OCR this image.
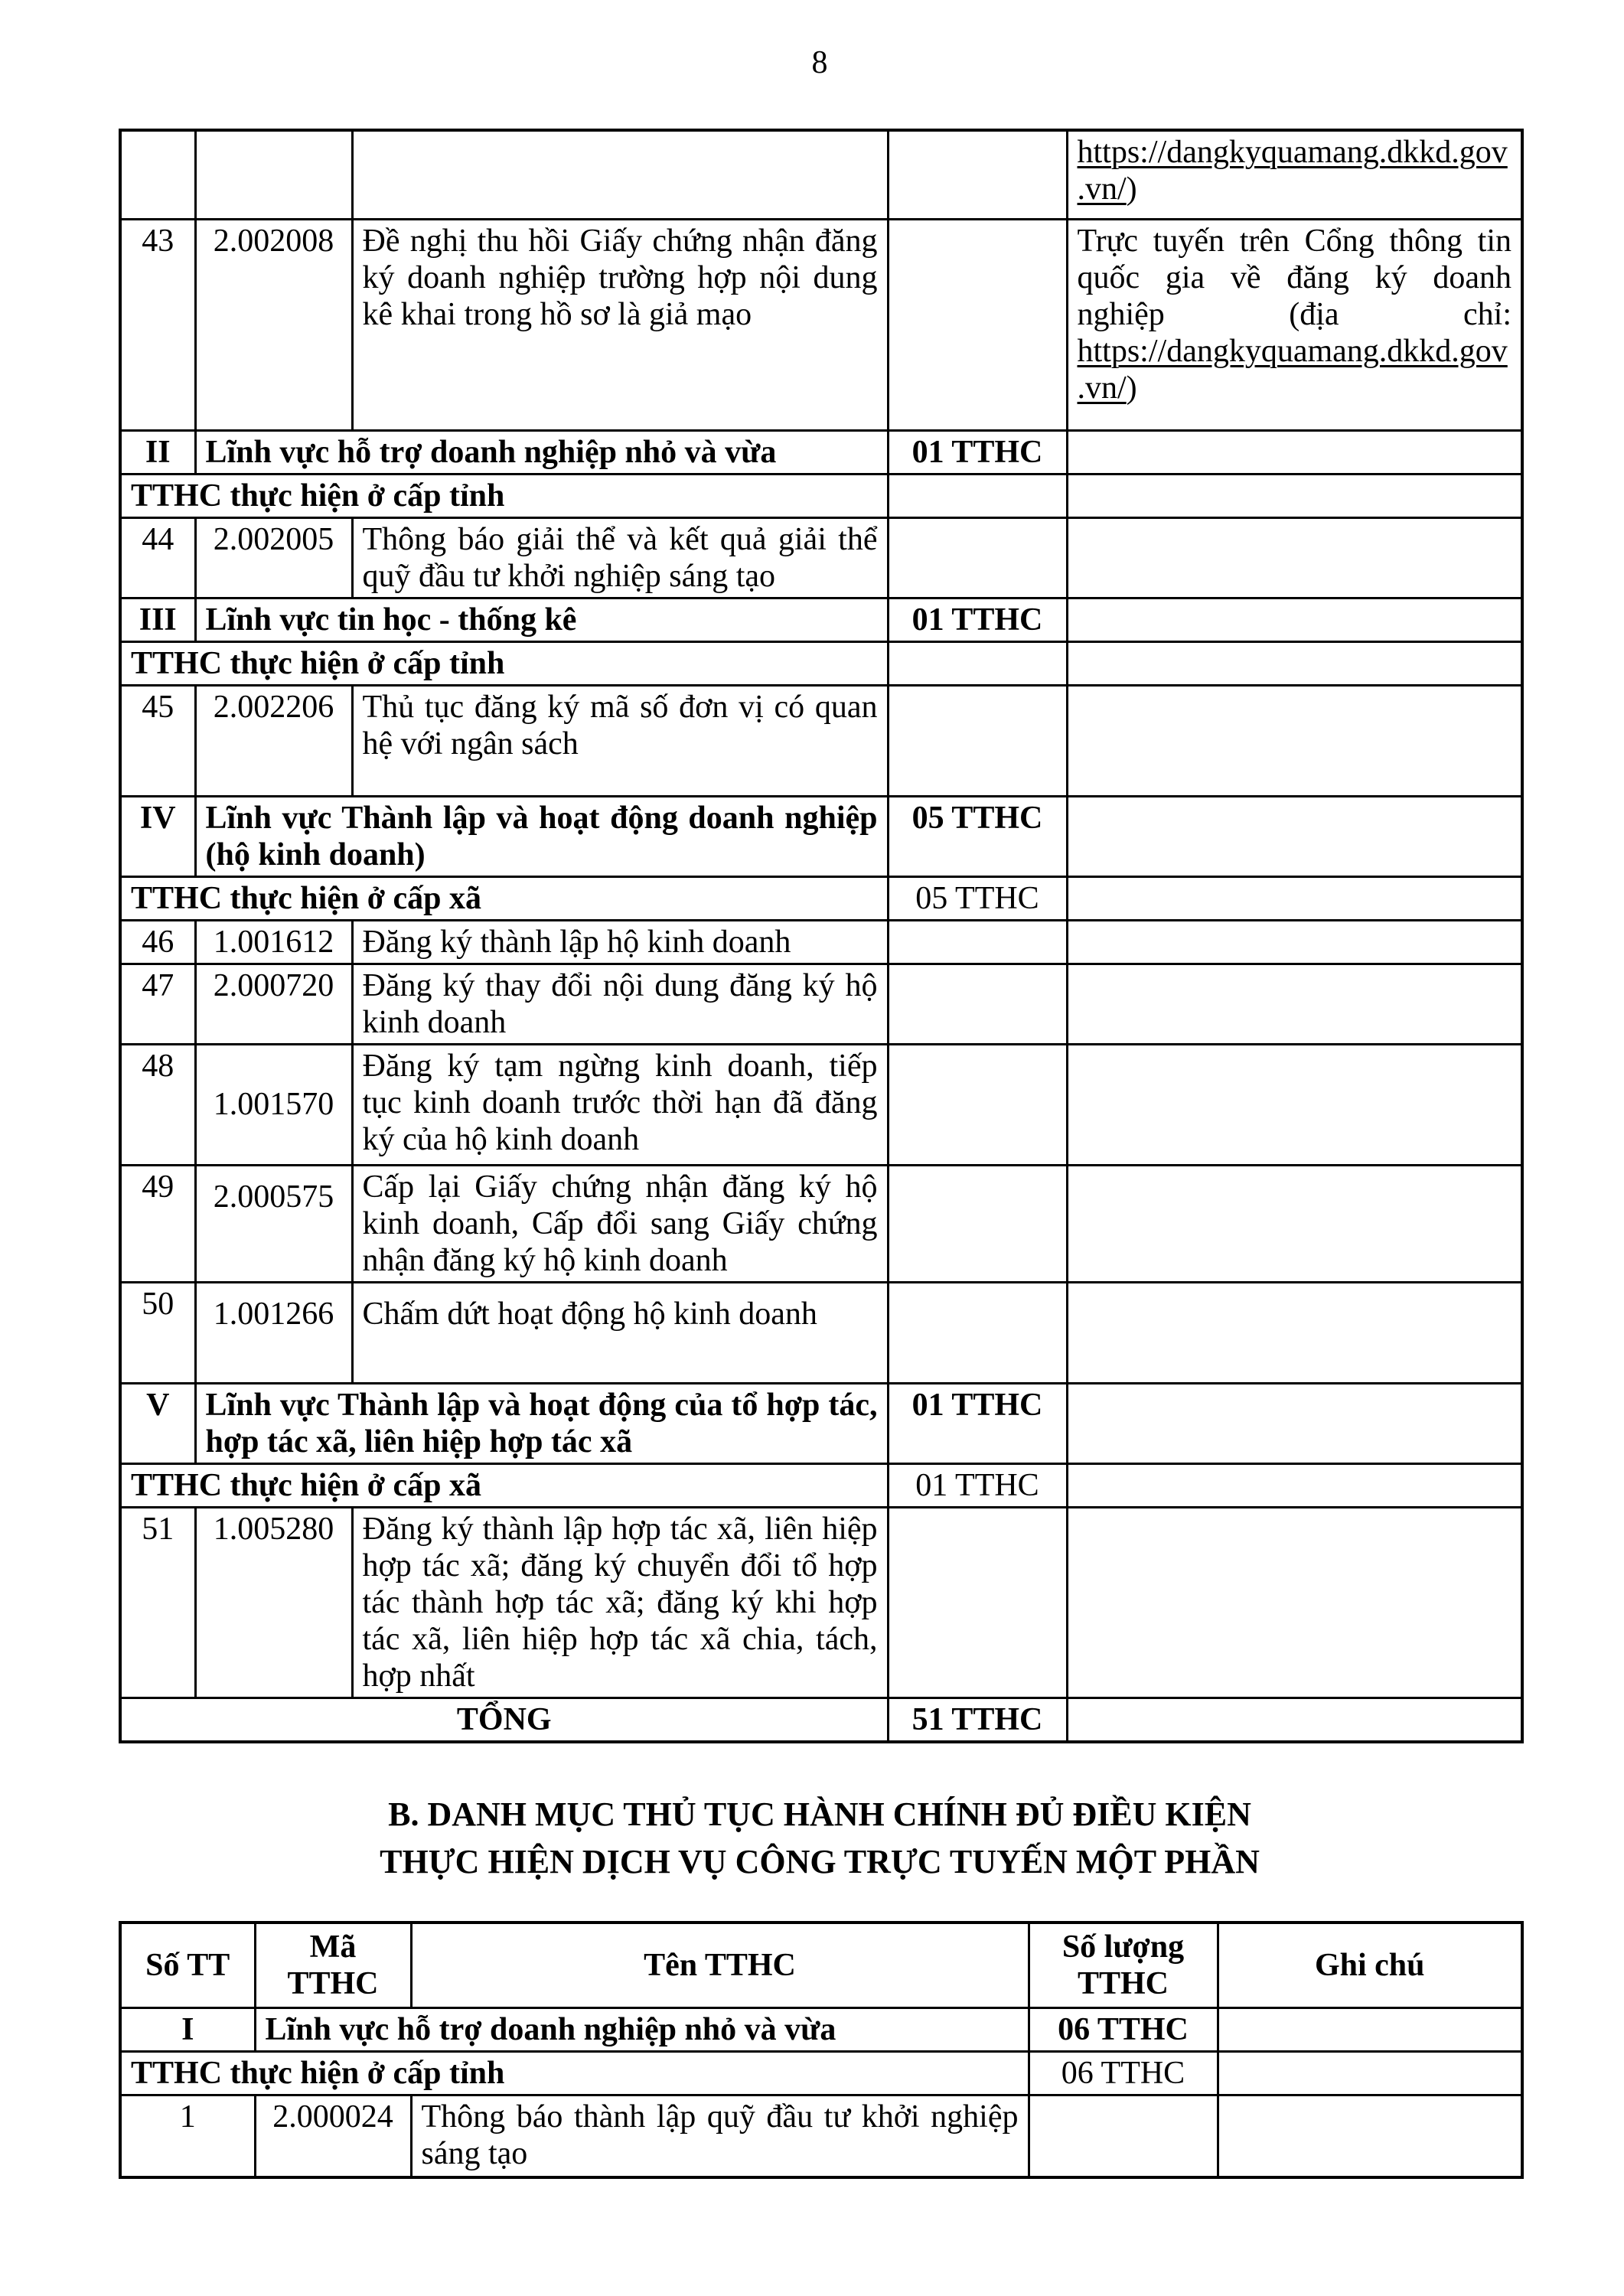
8
				https://dangkyquamang.dkkd.gov.vn/)
43	2.002008	Đề nghị thu hồi Giấy chứng nhận đăng ký doanh nghiệp trường hợp nội dung kê khai trong hồ sơ là giả mạo		Trực tuyến trên Cổng thông tin quốc gia về đăng ký doanh nghiệp (địa chỉ: https://dangkyquamang.dkkd.gov.vn/)
II	Lĩnh vực hỗ trợ doanh nghiệp nhỏ và vừa		01 TTHC	
TTHC thực hiện ở cấp tỉnh				
44	2.002005	Thông báo giải thể và kết quả giải thể quỹ đầu tư khởi nghiệp sáng tạo		
III	Lĩnh vực tin học - thống kê		01 TTHC	
TTHC thực hiện ở cấp tỉnh				
45	2.002206	Thủ tục đăng ký mã số đơn vị có quan hệ với ngân sách		
IV	Lĩnh vực Thành lập và hoạt động doanh nghiệp (hộ kinh doanh)		05 TTHC	
TTHC thực hiện ở cấp xã			05 TTHC	
46	1.001612	Đăng ký thành lập hộ kinh doanh		
47	2.000720	Đăng ký thay đổi nội dung đăng ký hộ kinh doanh		
48	1.001570	Đăng ký tạm ngừng kinh doanh, tiếp tục kinh doanh trước thời hạn đã đăng ký của hộ kinh doanh		
49	2.000575	Cấp lại Giấy chứng nhận đăng ký hộ kinh doanh, Cấp đổi sang Giấy chứng nhận đăng ký hộ kinh doanh		
50	1.001266	Chấm dứt hoạt động hộ kinh doanh		
V	Lĩnh vực Thành lập và hoạt động của tổ hợp tác, hợp tác xã, liên hiệp hợp tác xã		01 TTHC	
TTHC thực hiện ở cấp xã			01 TTHC	
51	1.005280	Đăng ký thành lập hợp tác xã, liên hiệp hợp tác xã; đăng ký chuyển đổi tổ hợp tác thành hợp tác xã; đăng ký khi hợp tác xã, liên hiệp hợp tác xã chia, tách, hợp nhất		
TỔNG			51 TTHC	
B. DANH MỤC THỦ TỤC HÀNH CHÍNH ĐỦ ĐIỀU KIỆN
THỰC HIỆN DỊCH VỤ CÔNG TRỰC TUYẾN MỘT PHẦN
Số TT	Mã TTHC	Tên TTHC	Số lượng TTHC	Ghi chú
I	Lĩnh vực hỗ trợ doanh nghiệp nhỏ và vừa		06 TTHC	
TTHC thực hiện ở cấp tỉnh			06 TTHC	
1	2.000024	Thông báo thành lập quỹ đầu tư khởi nghiệp sáng tạo		
